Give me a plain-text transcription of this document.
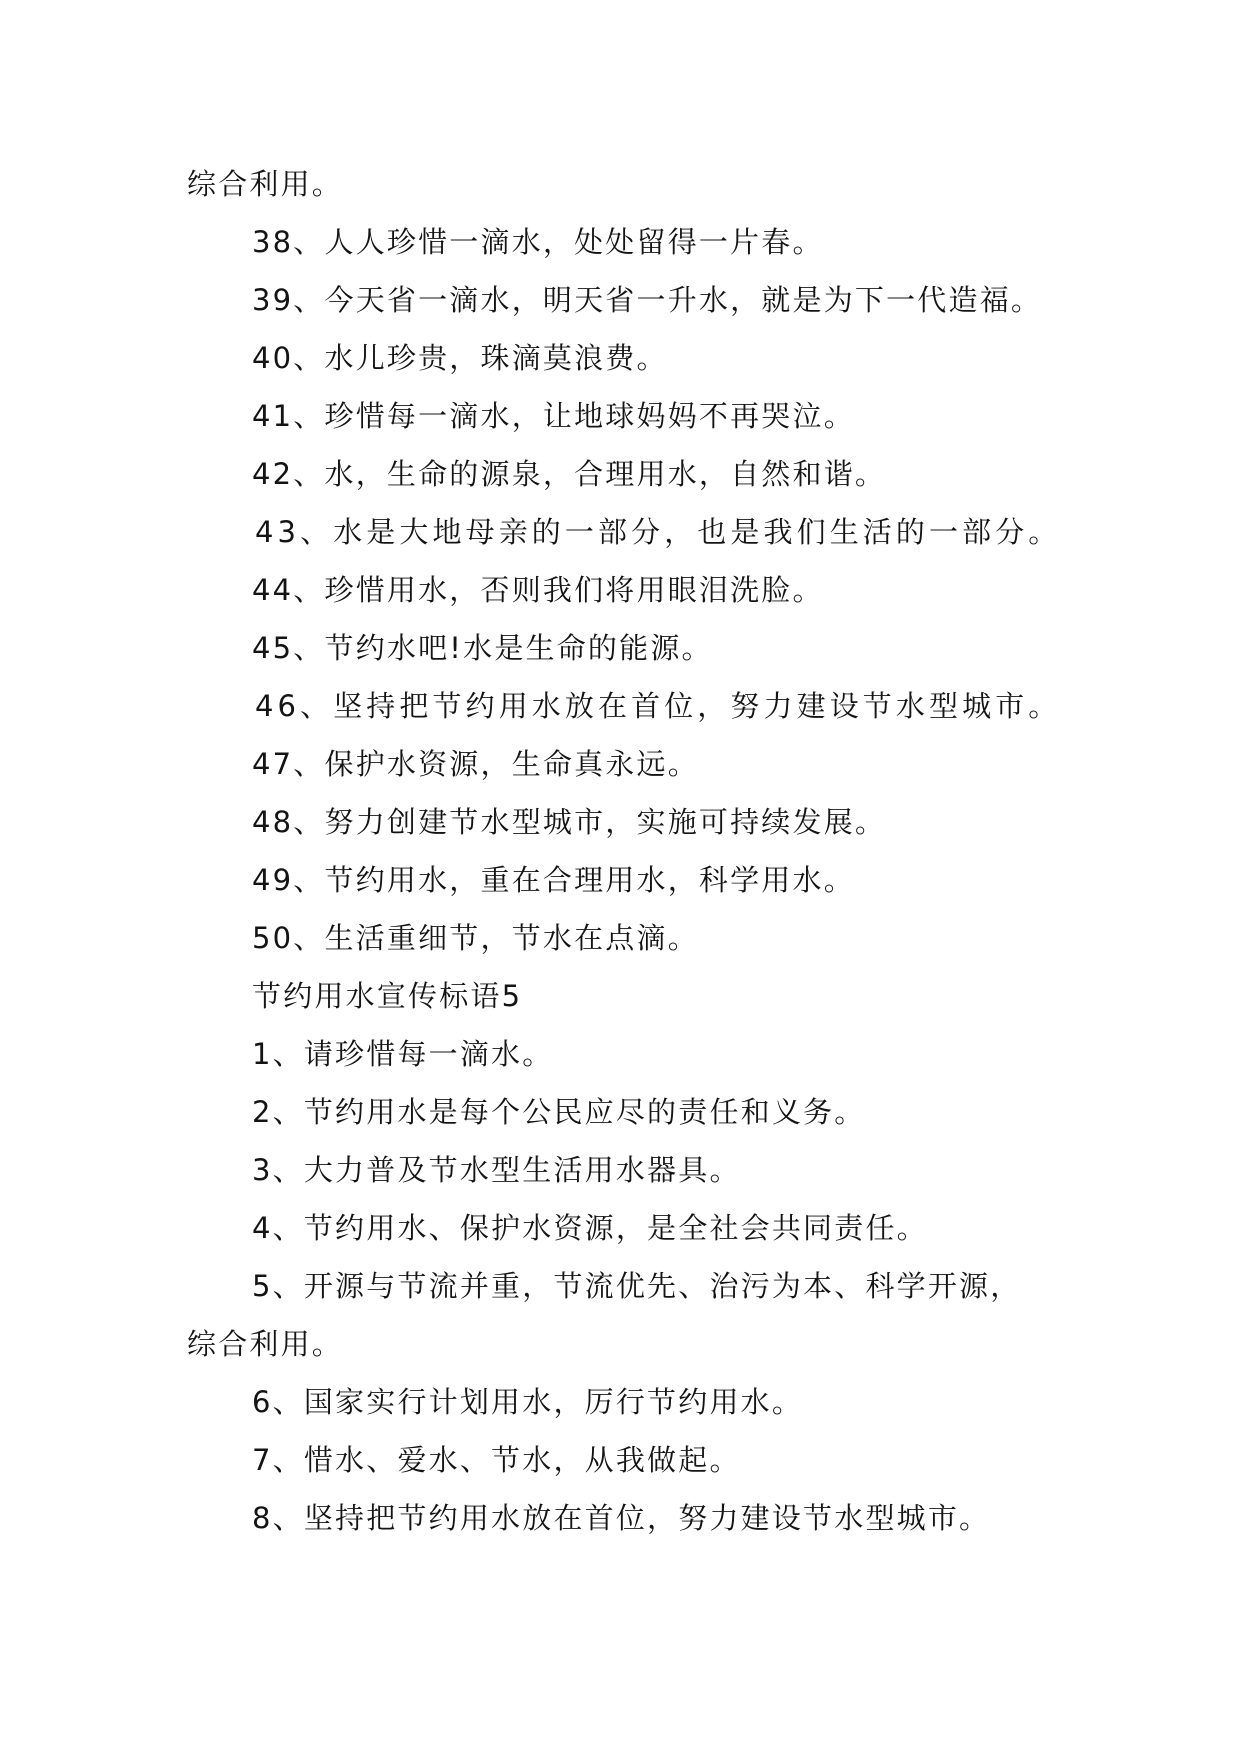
综合利用。
38、人人珍惜一滴水，处处留得一片春。
39、今天省一滴水，明天省一升水，就是为下一代造福。
40、水儿珍贵，珠滴莫浪费。
41、珍惜每一滴水，让地球妈妈不再哭泣。
42、水，生命的源泉，合理用水，自然和谐。
43、水是大地母亲的一部分，也是我们生活的一部分。
44、珍惜用水，否则我们将用眼泪洗脸。
45、节约水吧!水是生命的能源。
46、坚持把节约用水放在首位，努力建设节水型城市。
47、保护水资源，生命真永远。
48、努力创建节水型城市，实施可持续发展。
49、节约用水，重在合理用水，科学用水。
50、生活重细节，节水在点滴。
节约用水宣传标语5
1、请珍惜每一滴水。
2、节约用水是每个公民应尽的责任和义务。
3、大力普及节水型生活用水器具。
4、节约用水、保护水资源，是全社会共同责任。
5、开源与节流并重，节流优先、治污为本、科学开源，
综合利用。
6、国家实行计划用水，厉行节约用水。
7、惜水、爱水、节水，从我做起。
8、坚持把节约用水放在首位，努力建设节水型城市。
